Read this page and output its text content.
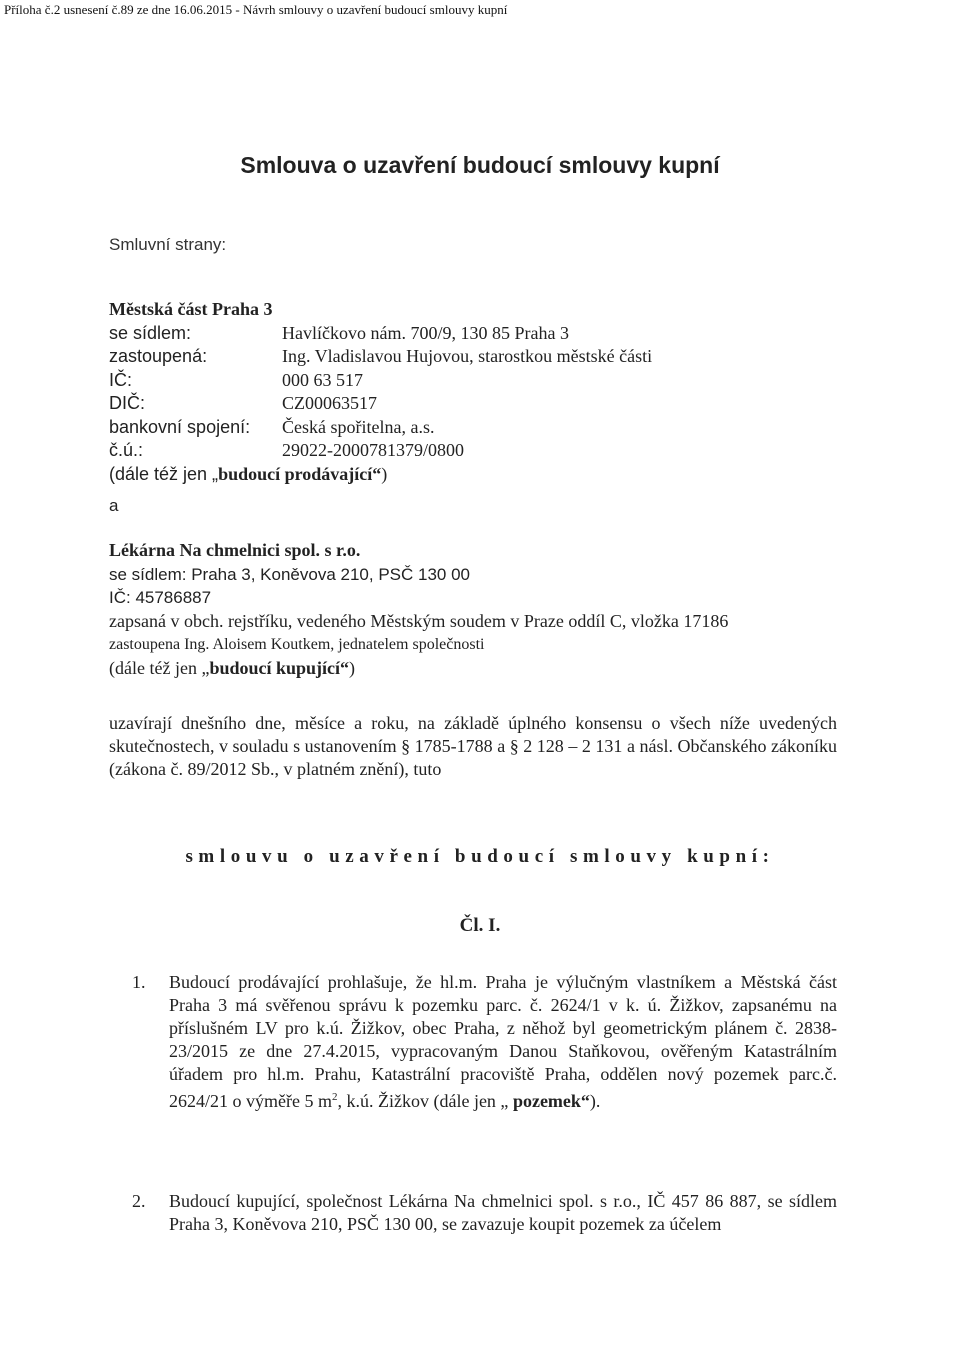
Příloha č.2 usnesení č.89 ze dne 16.06.2015 - Návrh smlouvy o uzavření budoucí smlouvy kupní
Smlouva o uzavření budoucí smlouvy kupní
Smluvní strany:
Městská část Praha 3
se sídlem:	Havlíčkovo nám. 700/9, 130 85 Praha 3
zastoupená:	Ing. Vladislavou Hujovou, starostkou městské části
IČ:	000 63 517
DIČ:	CZ00063517
bankovní spojení: Česká spořitelna, a.s.
č.ú.:	29022-2000781379/0800
(dále též jen „budoucí prodávající“)
a
Lékárna Na chmelnici spol. s r.o.
se sídlem: Praha 3, Koněvova 210, PSČ 130 00
IČ: 45786887
zapsaná v obch. rejstříku, vedeného Městským soudem v Praze oddíl C, vložka 17186
zastoupena Ing. Aloisem Koutkem, jednatelem společnosti
(dále též jen „budoucí kupující“)
uzavírají dnešního dne, měsíce a roku, na základě úplného konsensu o všech níže uvedených skutečnostech, v souladu s ustanovením § 1785-1788 a § 2 128 – 2 131 a násl. Občanského zákoníku (zákona č. 89/2012 Sb., v platném znění), tuto
smlouvu o uzavření budoucí smlouvy kupní:
Čl. I.
1. Budoucí prodávající prohlašuje, že hl.m. Praha je výlučným vlastníkem a Městská část Praha 3 má svěřenou správu k pozemku parc. č. 2624/1 v k. ú. Žižkov, zapsanému na příslušném LV pro k.ú. Žižkov, obec Praha, z něhož byl geometrickým plánem č. 2838-23/2015 ze dne 27.4.2015, vypracovaným Danou Staňkovou, ověřeným Katastrálním úřadem pro hl.m. Prahu, Katastrální pracoviště Praha, oddělen nový pozemek parc.č. 2624/21 o výměře 5 $m^2$, k.ú. Žižkov (dále jen „ pozemek“).
2. Budoucí kupující, společnost Lékárna Na chmelnici spol. s r.o., IČ 457 86 887, se sídlem Praha 3, Koněvova 210, PSČ 130 00, se zavazuje koupit pozemek za účelem
